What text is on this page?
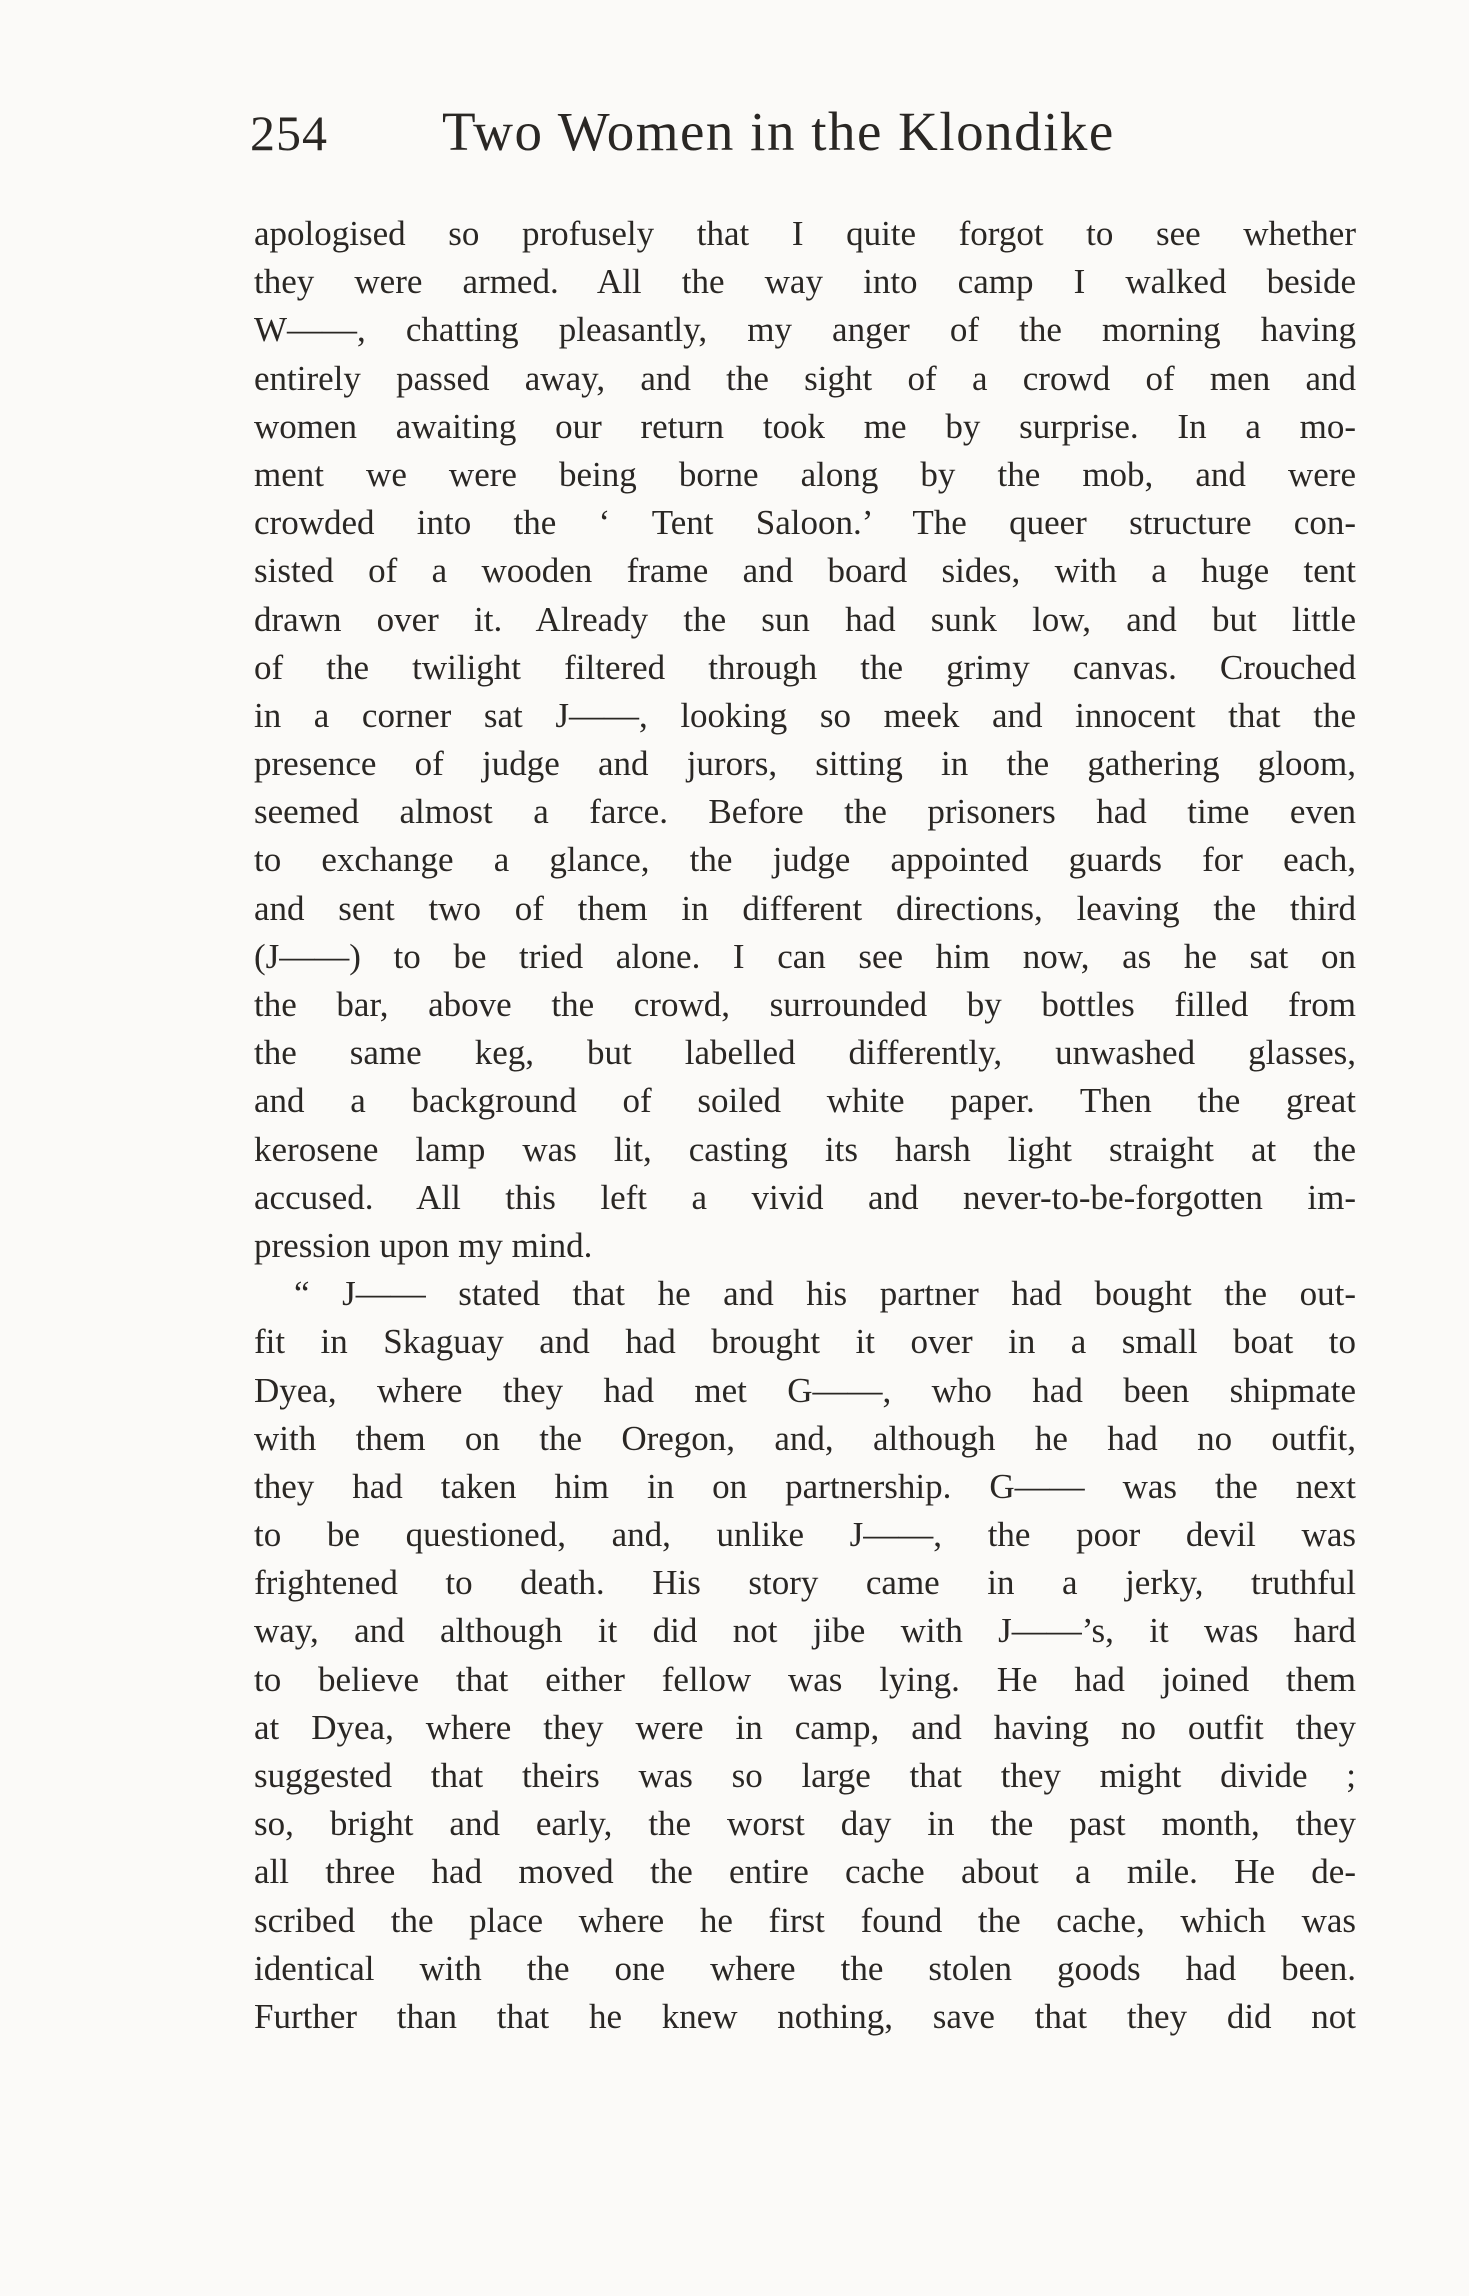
254 Two Women in the Klondike
apologised so profusely that I quite forgot to see whether
they were armed. All the way into camp I walked beside
W——, chatting pleasantly, my anger of the morning having
entirely passed away, and the sight of a crowd of men and
women awaiting our return took me by surprise. In a mo-
ment we were being borne along by the mob, and were
crowded into the ‘ Tent Saloon.’ The queer structure con-
sisted of a wooden frame and board sides, with a huge tent
drawn over it. Already the sun had sunk low, and but little
of the twilight filtered through the grimy canvas. Crouched
in a corner sat J——, looking so meek and innocent that the
presence of judge and jurors, sitting in the gathering gloom,
seemed almost a farce. Before the prisoners had time even
to exchange a glance, the judge appointed guards for each,
and sent two of them in different directions, leaving the third
(J——) to be tried alone. I can see him now, as he sat on
the bar, above the crowd, surrounded by bottles filled from
the same keg, but labelled differently, unwashed glasses,
and a background of soiled white paper. Then the great
kerosene lamp was lit, casting its harsh light straight at the
accused. All this left a vivid and never-to-be-forgotten im-
pression upon my mind.
“ J—— stated that he and his partner had bought the out-
fit in Skaguay and had brought it over in a small boat to
Dyea, where they had met G——, who had been shipmate
with them on the Oregon, and, although he had no outfit,
they had taken him in on partnership. G—— was the next
to be questioned, and, unlike J——, the poor devil was
frightened to death. His story came in a jerky, truthful
way, and although it did not jibe with J——’s, it was hard
to believe that either fellow was lying. He had joined them
at Dyea, where they were in camp, and having no outfit they
suggested that theirs was so large that they might divide ;
so, bright and early, the worst day in the past month, they
all three had moved the entire cache about a mile. He de-
scribed the place where he first found the cache, which was
identical with the one where the stolen goods had been.
Further than that he knew nothing, save that they did not
